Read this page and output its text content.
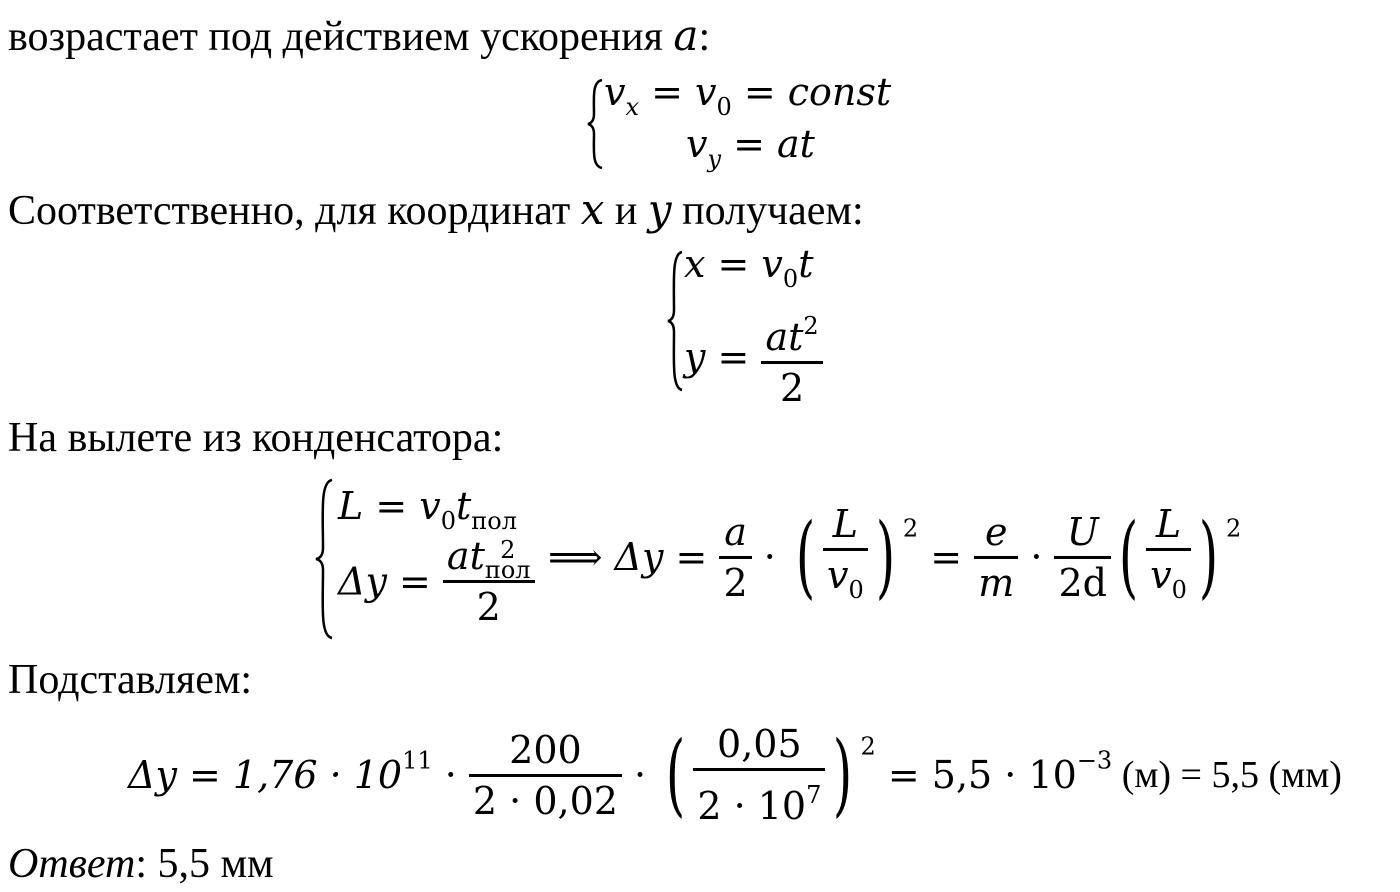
возрастает под действием ускорения a:
$v_x = v_0$ = const
$v_y$ = at
Соответственно, для координат x и y получаем:
$x = v_0t$
$y = \frac{at^2}{2}$
На вылете из конденсатора:
$L = v_0t_{пол}$
Δy = at 2
пол
2 ⟹ $\Delta y = \frac{a}{2}$ · ( $\frac{L}{v_0}$ ) $^2 = \frac{e}{m} \cdot \frac{U}{2d}$ ( $\frac{L}{v_0}$ ) $^2$
Подставляем:
$\Delta y = 1,76 \cdot 10^{11} \cdot \frac{200}{2 \cdot 0,02}$ · ( $\frac{0,05}{2 \cdot 10^7}$ ) $^2 = 5,5 \cdot 10^{-3}$ (м) = 5,5 (мм)
Ответ: 5,5 мм
